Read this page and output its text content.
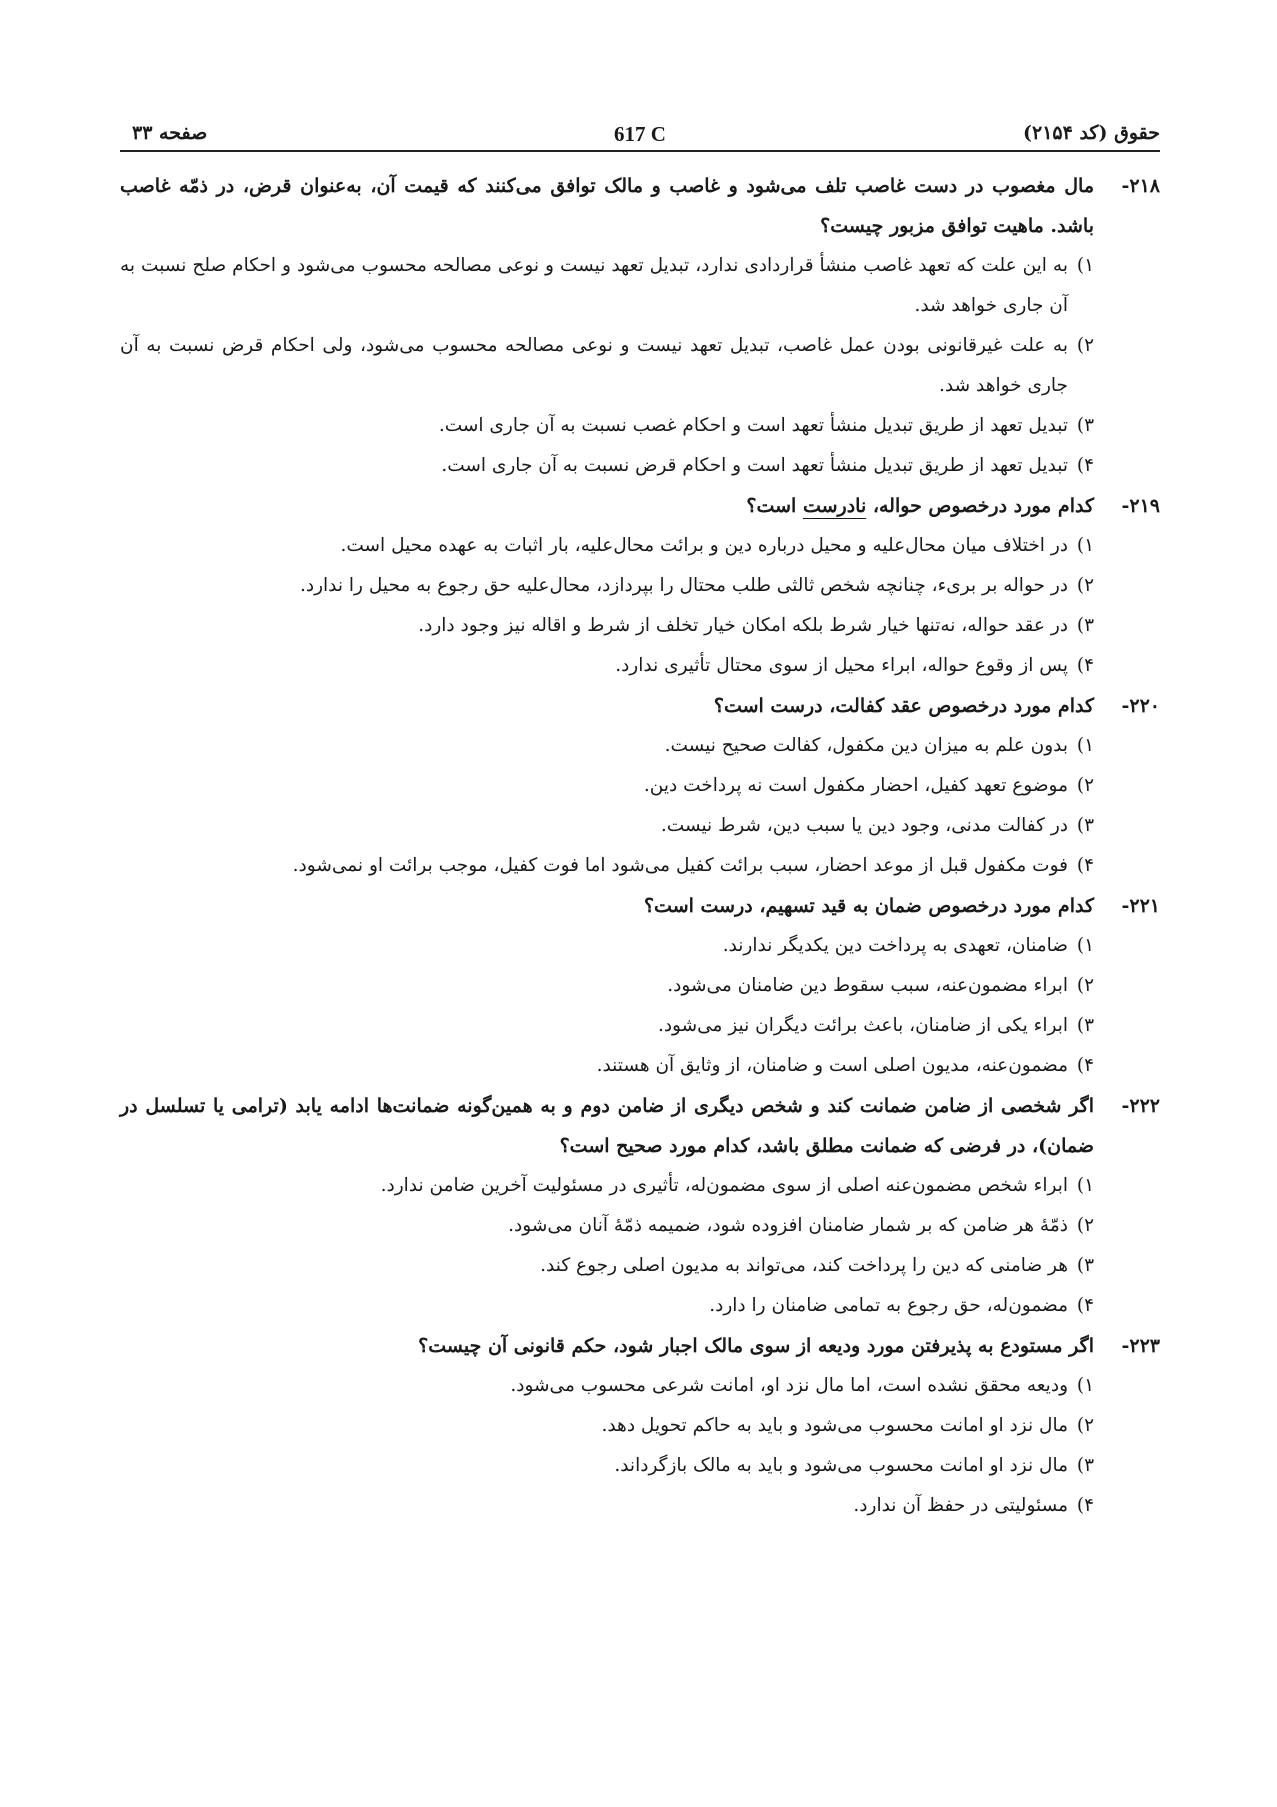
حقوق (کد ۲۱۵۴)
617 C
صفحه ۳۳
۲۱۸-
مال مغصوب در دست غاصب تلف می‌شود و غاصب و مالک توافق می‌کنند که قیمت آن، به‌عنوان قرض، در ذمّه غاصب باشد. ماهیت توافق مزبور چیست؟
۱)
به این علت که تعهد غاصب منشأ قراردادی ندارد، تبدیل تعهد نیست و نوعی مصالحه محسوب می‌شود و احکام صلح نسبت به آن جاری خواهد شد.
۲)
به علت غیرقانونی بودن عمل غاصب، تبدیل تعهد نیست و نوعی مصالحه محسوب می‌شود، ولی احکام قرض نسبت به آن جاری خواهد شد.
۳)
تبدیل تعهد از طریق تبدیل منشأ تعهد است و احکام غصب نسبت به آن جاری است.
۴)
تبدیل تعهد از طریق تبدیل منشأ تعهد است و احکام قرض نسبت به آن جاری است.
۲۱۹-
کدام مورد درخصوص حواله، نادرست است؟
۱)
در اختلاف میان محال‌علیه و محیل درباره دین و برائت محال‌علیه، بار اثبات به عهده محیل است.
۲)
در حواله بر بریء، چنانچه شخص ثالثی طلب محتال را بپردازد، محال‌علیه حق رجوع به محیل را ندارد.
۳)
در عقد حواله، نه‌تنها خیار شرط بلکه امکان خیار تخلف از شرط و اقاله نیز وجود دارد.
۴)
پس از وقوع حواله، ابراء محیل از سوی محتال تأثیری ندارد.
۲۲۰-
کدام مورد درخصوص عقد کفالت، درست است؟
۱)
بدون علم به میزان دین مکفول، کفالت صحیح نیست.
۲)
موضوع تعهد کفیل، احضار مکفول است نه پرداخت دین.
۳)
در کفالت مدنی، وجود دین یا سبب دین، شرط نیست.
۴)
فوت مکفول قبل از موعد احضار، سبب برائت کفیل می‌شود اما فوت کفیل، موجب برائت او نمی‌شود.
۲۲۱-
کدام مورد درخصوص ضمان به قید تسهیم، درست است؟
۱)
ضامنان، تعهدی به پرداخت دین یکدیگر ندارند.
۲)
ابراء مضمون‌عنه، سبب سقوط دین ضامنان می‌شود.
۳)
ابراء یکی از ضامنان، باعث برائت دیگران نیز می‌شود.
۴)
مضمون‌عنه، مدیون اصلی است و ضامنان، از وثایق آن هستند.
۲۲۲-
اگر شخصی از ضامن ضمانت کند و شخص دیگری از ضامن دوم و به همین‌گونه ضمانت‌ها ادامه یابد (ترامی یا تسلسل در ضمان)، در فرضی که ضمانت مطلق باشد، کدام مورد صحیح است؟
۱)
ابراء شخص مضمون‌عنه اصلی از سوی مضمون‌له، تأثیری در مسئولیت آخرین ضامن ندارد.
۲)
ذمّهٔ هر ضامن که بر شمار ضامنان افزوده شود، ضمیمه ذمّهٔ آنان می‌شود.
۳)
هر ضامنی که دین را پرداخت کند، می‌تواند به مدیون اصلی رجوع کند.
۴)
مضمون‌له، حق رجوع به تمامی ضامنان را دارد.
۲۲۳-
اگر مستودع به پذیرفتن مورد ودیعه از سوی مالک اجبار شود، حکم قانونی آن چیست؟
۱)
ودیعه محقق نشده است، اما مال نزد او، امانت شرعی محسوب می‌شود.
۲)
مال نزد او امانت محسوب می‌شود و باید به حاکم تحویل دهد.
۳)
مال نزد او امانت محسوب می‌شود و باید به مالک بازگرداند.
۴)
مسئولیتی در حفظ آن ندارد.
